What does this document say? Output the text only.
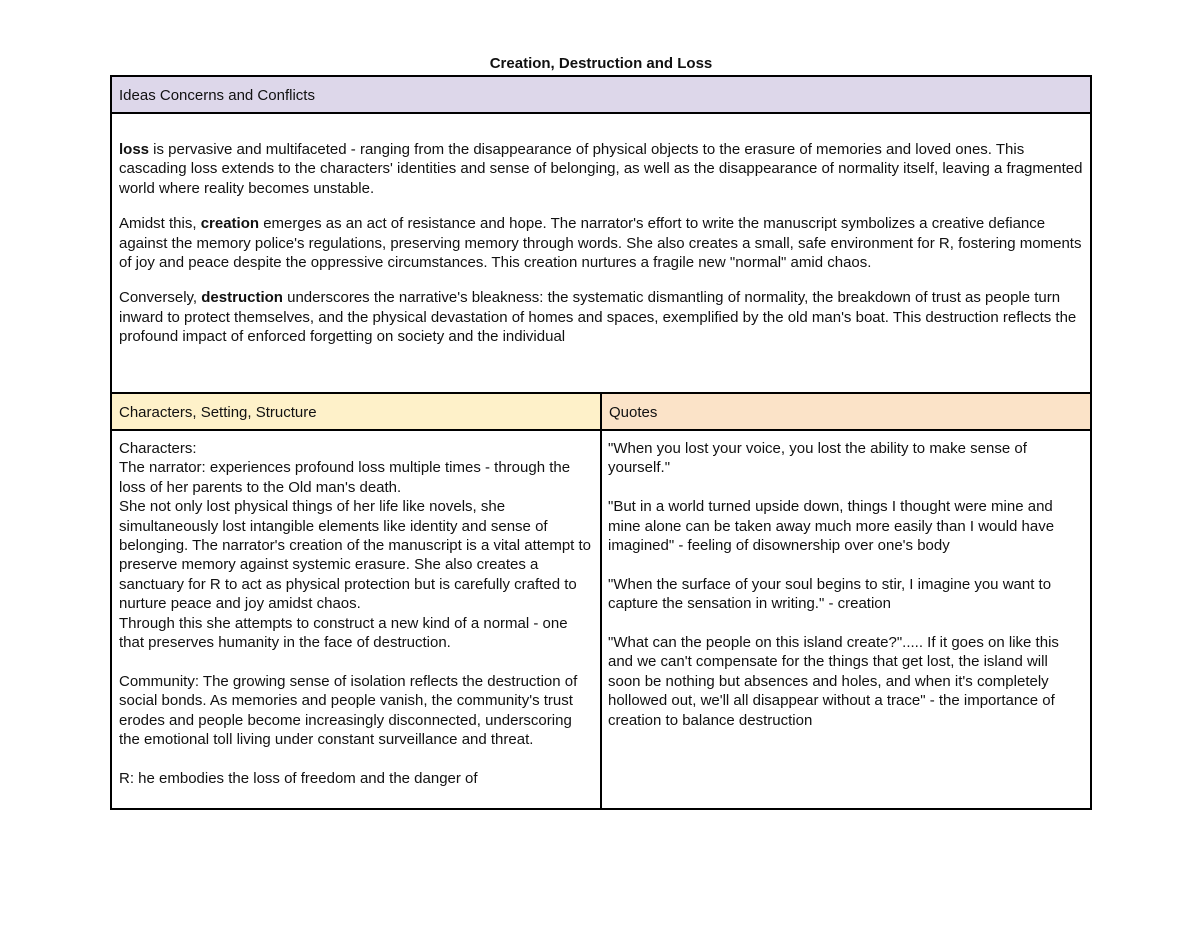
Creation, Destruction and Loss
Ideas Concerns and Conflicts

loss is pervasive and multifaceted - ranging from the disappearance of physical objects to the erasure of memories and loved ones. This cascading loss extends to the characters' identities and sense of belonging, as well as the disappearance of normality itself, leaving a fragmented world where reality becomes unstable.

Amidst this, creation emerges as an act of resistance and hope. The narrator's effort to write the manuscript symbolizes a creative defiance against the memory police's regulations, preserving memory through words. She also creates a small, safe environment for R, fostering moments of joy and peace despite the oppressive circumstances. This creation nurtures a fragile new "normal" amid chaos.

Conversely, destruction underscores the narrative's bleakness: the systematic dismantling of normality, the breakdown of trust as people turn inward to protect themselves, and the physical devastation of homes and spaces, exemplified by the old man's boat. This destruction reflects the profound impact of enforced forgetting on society and the individual

Characters, Setting, Structure	Quotes
Characters:
The narrator: experiences profound loss multiple times - through the loss of her parents to the Old man's death.
She not only lost physical things of her life like novels, she simultaneously lost intangible elements like identity and sense of belonging. The narrator's creation of the manuscript is a vital attempt to preserve memory against systemic erasure. She also creates a sanctuary for R to act as physical protection but is carefully crafted to nurture peace and joy amidst chaos.
Through this she attempts to construct a new kind of a normal - one that preserves humanity in the face of destruction.
Community: The growing sense of isolation reflects the destruction of social bonds. As memories and people vanish, the community's trust erodes and people become increasingly disconnected, underscoring the emotional toll living under constant surveillance and threat.
R: he embodies the loss of freedom and the danger of

"When you lost your voice, you lost the ability to make sense of yourself."

"But in a world turned upside down, things I thought were mine and mine alone can be taken away much more easily than I would have imagined" - feeling of disownership over one's body

"When the surface of your soul begins to stir, I imagine you want to capture the sensation in writing." - creation

"What can the people on this island create?"..... If it goes on like this and we can't compensate for the things that get lost, the island will soon be nothing but absences and holes, and when it's completely hollowed out, we'll all disappear without a trace" - the importance of creation to balance destruction
